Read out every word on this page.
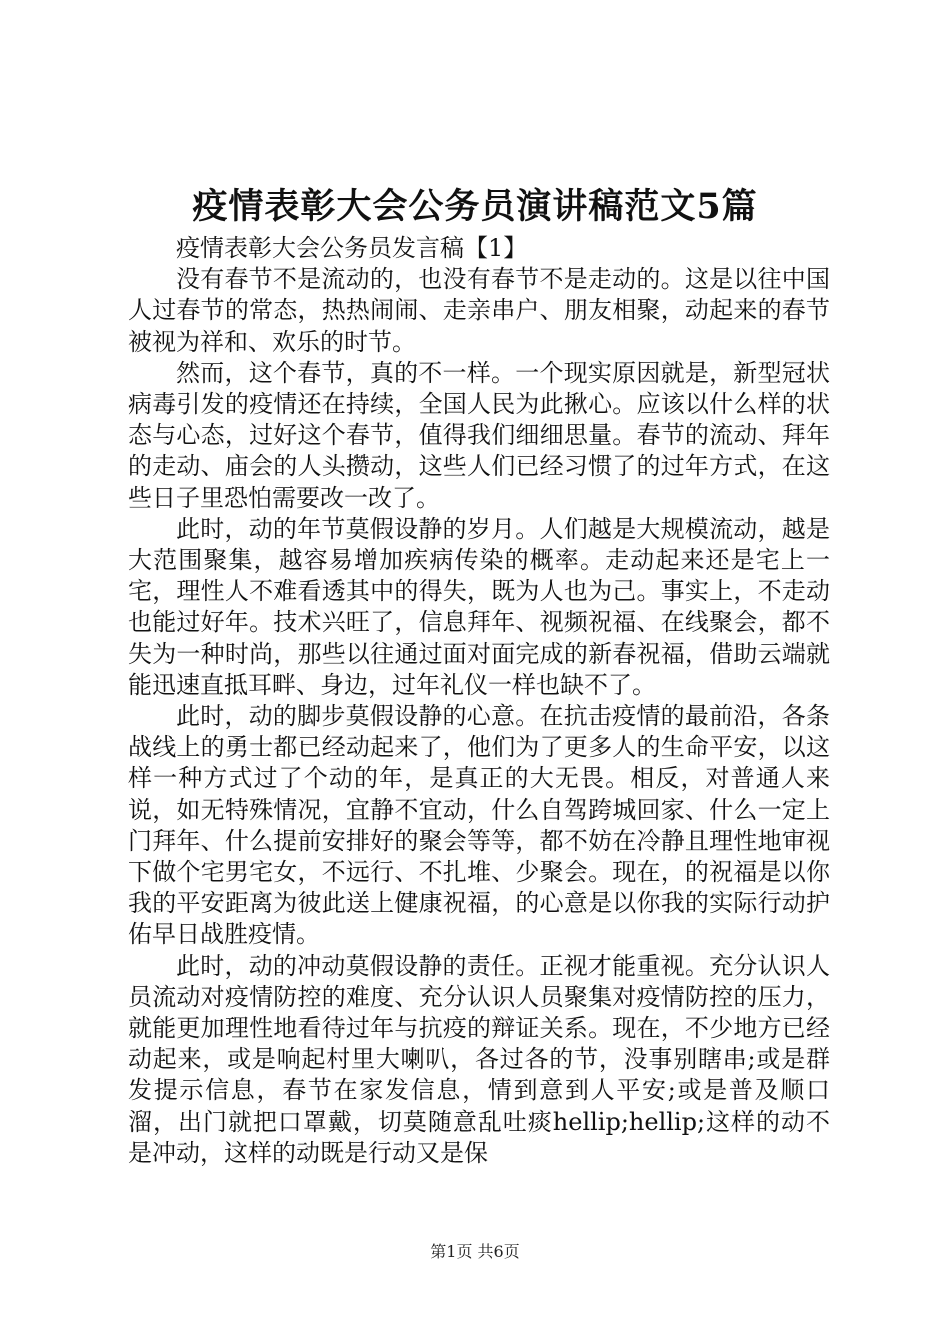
疫情表彰大会公务员演讲稿范文5篇

疫情表彰大会公务员发言稿【1】

没有春节不是流动的，也没有春节不是走动的。这是以往中国人过春节的常态，热热闹闹、走亲串户、朋友相聚，动起来的春节被视为祥和、欢乐的时节。

然而，这个春节，真的不一样。一个现实原因就是，新型冠状病毒引发的疫情还在持续，全国人民为此揪心。应该以什么样的状态与心态，过好这个春节，值得我们细细思量。春节的流动、拜年的走动、庙会的人头攒动，这些人们已经习惯了的过年方式，在这些日子里恐怕需要改一改了。

此时，动的年节莫假设静的岁月。人们越是大规模流动，越是大范围聚集，越容易增加疾病传染的概率。走动起来还是宅上一宅，理性人不难看透其中的得失，既为人也为己。事实上，不走动也能过好年。技术兴旺了，信息拜年、视频祝福、在线聚会，都不失为一种时尚，那些以往通过面对面完成的新春祝福，借助云端就能迅速直抵耳畔、身边，过年礼仪一样也缺不了。

此时，动的脚步莫假设静的心意。在抗击疫情的最前沿，各条战线上的勇士都已经动起来了，他们为了更多人的生命平安，以这样一种方式过了个动的年，是真正的大无畏。相反，对普通人来说，如无特殊情况，宜静不宜动，什么自驾跨城回家、什么一定上门拜年、什么提前安排好的聚会等等，都不妨在冷静且理性地审视下做个宅男宅女，不远行、不扎堆、少聚会。现在，的祝福是以你我的平安距离为彼此送上健康祝福，的心意是以你我的实际行动护佑早日战胜疫情。

此时，动的冲动莫假设静的责任。正视才能重视。充分认识人员流动对疫情防控的难度、充分认识人员聚集对疫情防控的压力，就能更加理性地看待过年与抗疫的辩证关系。现在，不少地方已经动起来，或是响起村里大喇叭，各过各的节，没事别瞎串;或是群发提示信息，春节在家发信息，情到意到人平安;或是普及顺口溜，出门就把口罩戴，切莫随意乱吐痰hellip;hellip;这样的动不是冲动，这样的动既是行动又是保

第1页 共6页
